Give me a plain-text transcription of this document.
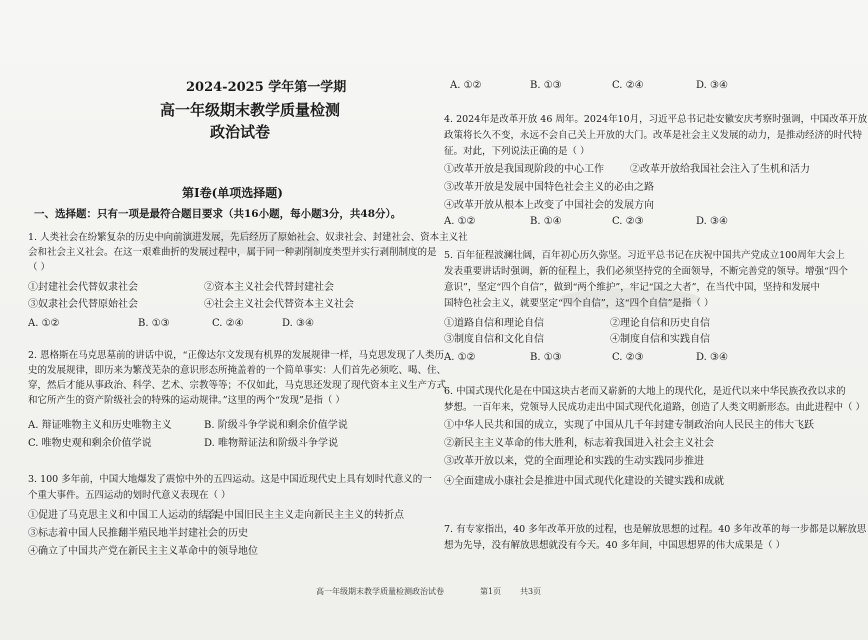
2024-2025 学年第一学期
高一年级期末教学质量检测
政治试卷
第Ⅰ卷(单项选择题)
一、选择题：只有一项是最符合题目要求（共16小题，每小题3分，共48分）。
1. 人类社会在纷繁复杂的历史中向前演进发展，先后经历了原始社会、奴隶社会、封建社会、资本主义社
会和社会主义社会。在这一艰难曲折的发展过程中，属于同一种剥削制度类型并实行剥削制度的是
（ ）
①封建社会代替奴隶社会	②资本主义社会代替封建社会
③奴隶社会代替原始社会	④社会主义社会代替资本主义社会
A. ①②	B. ①③	C. ②④	D. ③④
2. 恩格斯在马克思墓前的讲话中说，“正像达尔文发现有机界的发展规律一样，马克思发现了人类历
史的发展规律，即历来为繁茂芜杂的意识形态所掩盖着的一个简单事实：人们首先必须吃、喝、住、
穿，然后才能从事政治、科学、艺术、宗教等等；不仅如此，马克思还发现了现代资本主义生产方式
和它所产生的资产阶级社会的特殊的运动规律。”这里的两个“发现”是指（ ）
A. 辩证唯物主义和历史唯物主义	B. 阶级斗争学说和剩余价值学说
C. 唯物史观和剩余价值学说	D. 唯物辩证法和阶级斗争学说
3. 100 多年前，中国大地爆发了震惊中外的五四运动。这是中国近现代史上具有划时代意义的一
个重大事件。五四运动的划时代意义表现在（ ）
①促进了马克思主义和中国工人运动的结合
②是中国旧民主主义走向新民主主义的转折点
③标志着中国人民推翻半殖民地半封建社会的历史
④确立了中国共产党在新民主主义革命中的领导地位
A. ①②	B. ①③	C. ②④	D. ③④
4. 2024年是改革开放 46 周年。2024年10月，习近平总书记赴安徽安庆考察时强调，中国改革开放
政策将长久不变，永远不会自己关上开放的大门。改革是社会主义发展的动力，是推动经济的时代特
征。对此，下列说法正确的是（ ）
①改革开放是我国现阶段的中心工作	②改革开放给我国社会注入了生机和活力
③改革开放是发展中国特色社会主义的必由之路
④改革开放从根本上改变了中国社会的发展方向
A. ①②	B. ①④	C. ②③	D. ③④
5. 百年征程波澜壮阔，百年初心历久弥坚。习近平总书记在庆祝中国共产党成立100周年大会上
发表重要讲话时强调，新的征程上，我们必须坚持党的全面领导，不断完善党的领导。增强“四个
意识”，坚定“四个自信”，做到“两个维护”，牢记“国之大者”，在当代中国，坚持和发展中
国特色社会主义，就要坚定“四个自信”，这“四个自信”是指（ ）
①道路自信和理论自信	②理论自信和历史自信
③制度自信和文化自信	④制度自信和实践自信
A. ①②	B. ①③	C. ②③	D. ③④
6. 中国式现代化是在中国这块古老而又崭新的大地上的现代化，是近代以来中华民族孜孜以求的
梦想。一百年来，党领导人民成功走出中国式现代化道路，创造了人类文明新形态。由此进程中（ ）
①中华人民共和国的成立，实现了中国从几千年封建专制政治向人民民主的伟大飞跃
②新民主主义革命的伟大胜利，标志着我国进入社会主义社会
③改革开放以来，党的全面理论和实践的生动实践同步推进
④全面建成小康社会是推进中国式现代化建设的关键实践和成就
7. 有专家指出，40 多年改革开放的过程，也是解放思想的过程。40 多年改革的每一步都是以解放思
想为先导，没有解放思想就没有今天。40 多年间，中国思想界的伟大成果是（ ）
高一年级期末教学质量检测政治试卷	第1页 共3页
